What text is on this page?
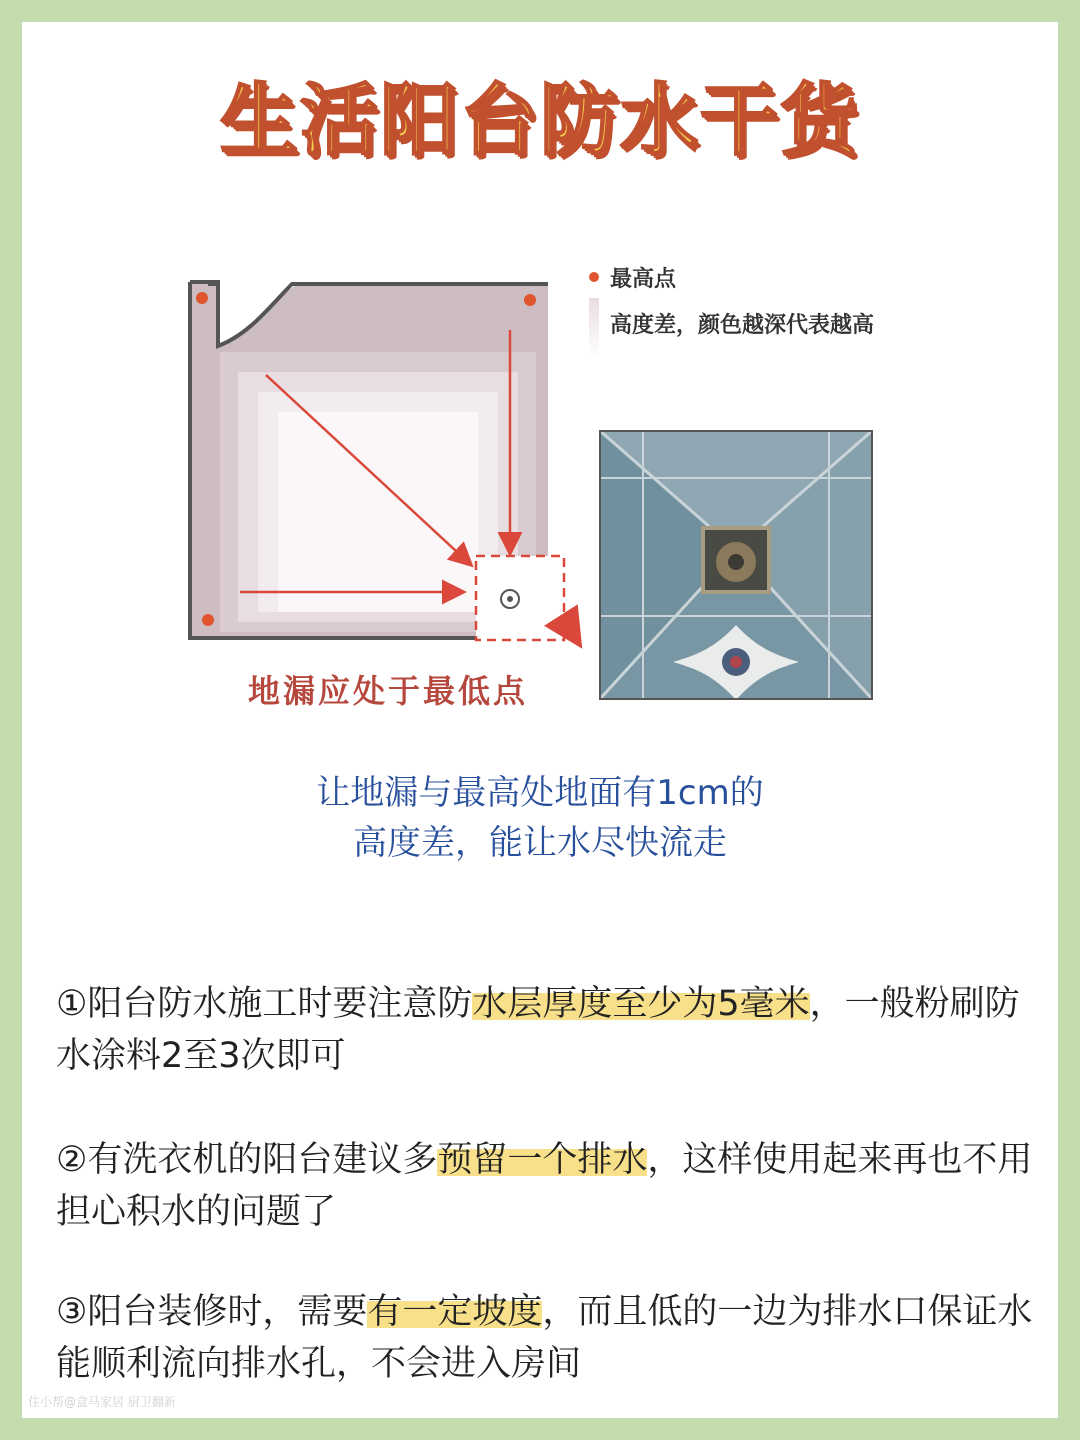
生活阳台防水干货
最高点
高度差，颜色越深代表越高
地漏应处于最低点
让地漏与最高处地面有1cm的
高度差，能让水尽快流走
①阳台防水施工时要注意防水层厚度至少为5毫米，一般粉刷防水涂料2至3次即可
②有洗衣机的阳台建议多预留一个排水，这样使用起来再也不用担心积水的问题了
③阳台装修时，需要有一定坡度，而且低的一边为排水口保证水能顺利流向排水孔，不会进入房间
住小帮@盒马家居 厨卫翻新
